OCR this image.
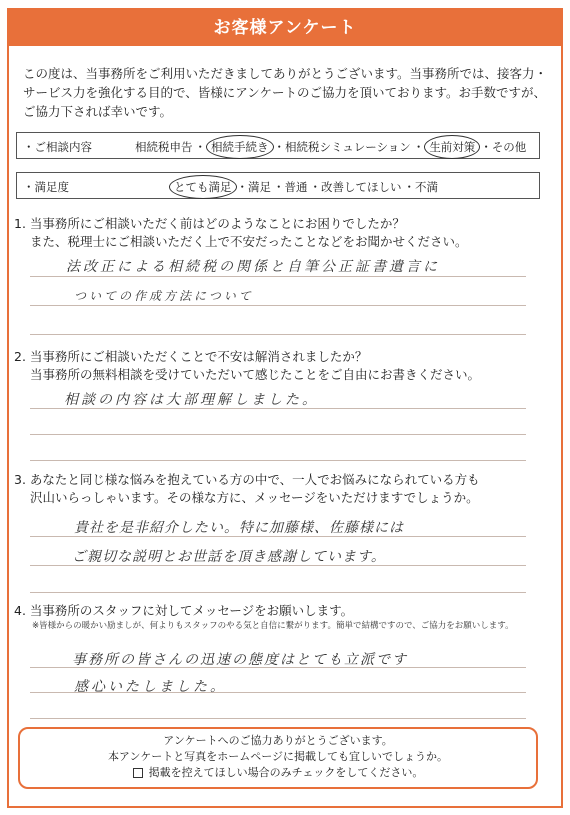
お客様アンケート
この度は、当事務所をご利用いただきましてありがとうございます。当事務所では、接客力・サービス力を強化する目的で、皆様にアンケートのご協力を頂いております。お手数ですが、ご協力下されば幸いです。
・ご相談内容	相続税申告 ・ 相続手続き ・相続税シミュレーション ・ 生前対策 ・その他
・満足度	とても満足 ・満足 ・普通 ・改善してほしい ・不満
1. 当事務所にご相談いただく前はどのようなことにお困りでしたか？
また、税理士にご相談いただく上で不安だったことなどをお聞かせください。
法改正による相続税の関係と自筆公正証書遺言に
ついての作成方法について
2. 当事務所にご相談いただくことで不安は解消されましたか？
当事務所の無料相談を受けていただいて感じたことをご自由にお書きください。
相談の内容は大部理解しました。
3. あなたと同じ様な悩みを抱えている方の中で、一人でお悩みになられている方も
沢山いらっしゃいます。その様な方に、メッセージをいただけますでしょうか。
貴社を是非紹介したい。特に加藤様、佐藤様には
ご親切な説明とお世話を頂き感謝しています。
4. 当事務所のスタッフに対してメッセージをお願いします。
※皆様からの暖かい励ましが、何よりもスタッフのやる気と自信に繋がります。簡単で結構ですので、ご協力をお願いします。
事務所の皆さんの迅速の態度はとても立派です
感心いたしました。
アンケートへのご協力ありがとうございます。
本アンケートと写真をホームページに掲載しても宜しいでしょうか。
掲載を控えてほしい場合のみチェックをしてください。
